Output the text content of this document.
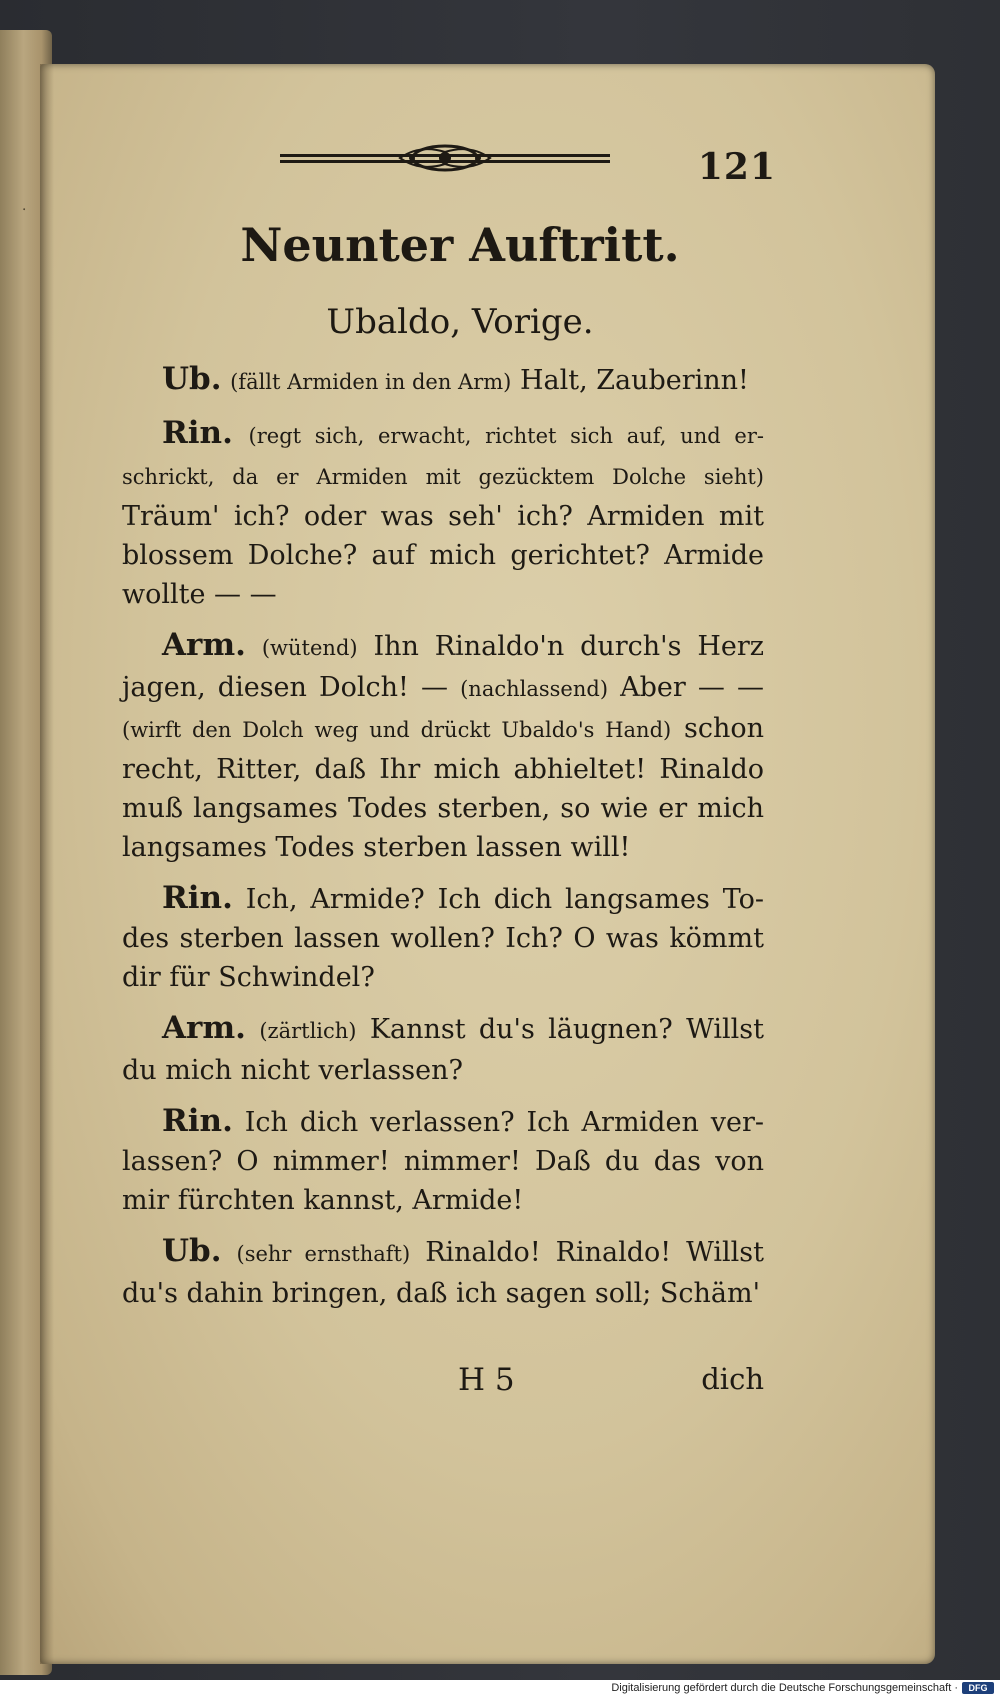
·
121
Neunter Auftritt.
Ubaldo, Vorige.

Ub. (fällt Armiden in den Arm) Halt, Zauberinn!

Rin. (regt sich, erwacht, richtet sich auf, und erschrickt, da er Armiden mit gezücktem Dolche sieht) Träum' ich? oder was seh' ich? Armiden mit blossem Dolche? auf mich gerichtet? Armide wollte — —

Arm. (wütend) Ihn Rinaldo'n durch's Herz jagen, diesen Dolch! — (nachlassend) Aber — — (wirft den Dolch weg und drückt Ubaldo's Hand) schon recht, Ritter, daß Ihr mich abhieltet! Rinaldo muß langsames Todes sterben, so wie er mich langsames Todes sterben lassen will!

Rin. Ich, Armide? Ich dich langsames Todes sterben lassen wollen? Ich? O was kömmt dir für Schwindel?

Arm. (zärtlich) Kannst du's läugnen? Willst du mich nicht verlassen?

Rin. Ich dich verlassen? Ich Armiden verlassen? O nimmer! nimmer! Daß du das von mir fürchten kannst, Armide!

Ub. (sehr ernsthaft) Rinaldo! Rinaldo! Willst du's dahin bringen, daß ich sagen soll; Schäm'

H 5	dich
Digitalisierung gefördert durch die Deutsche Forschungsgemeinschaft ·	DFG
